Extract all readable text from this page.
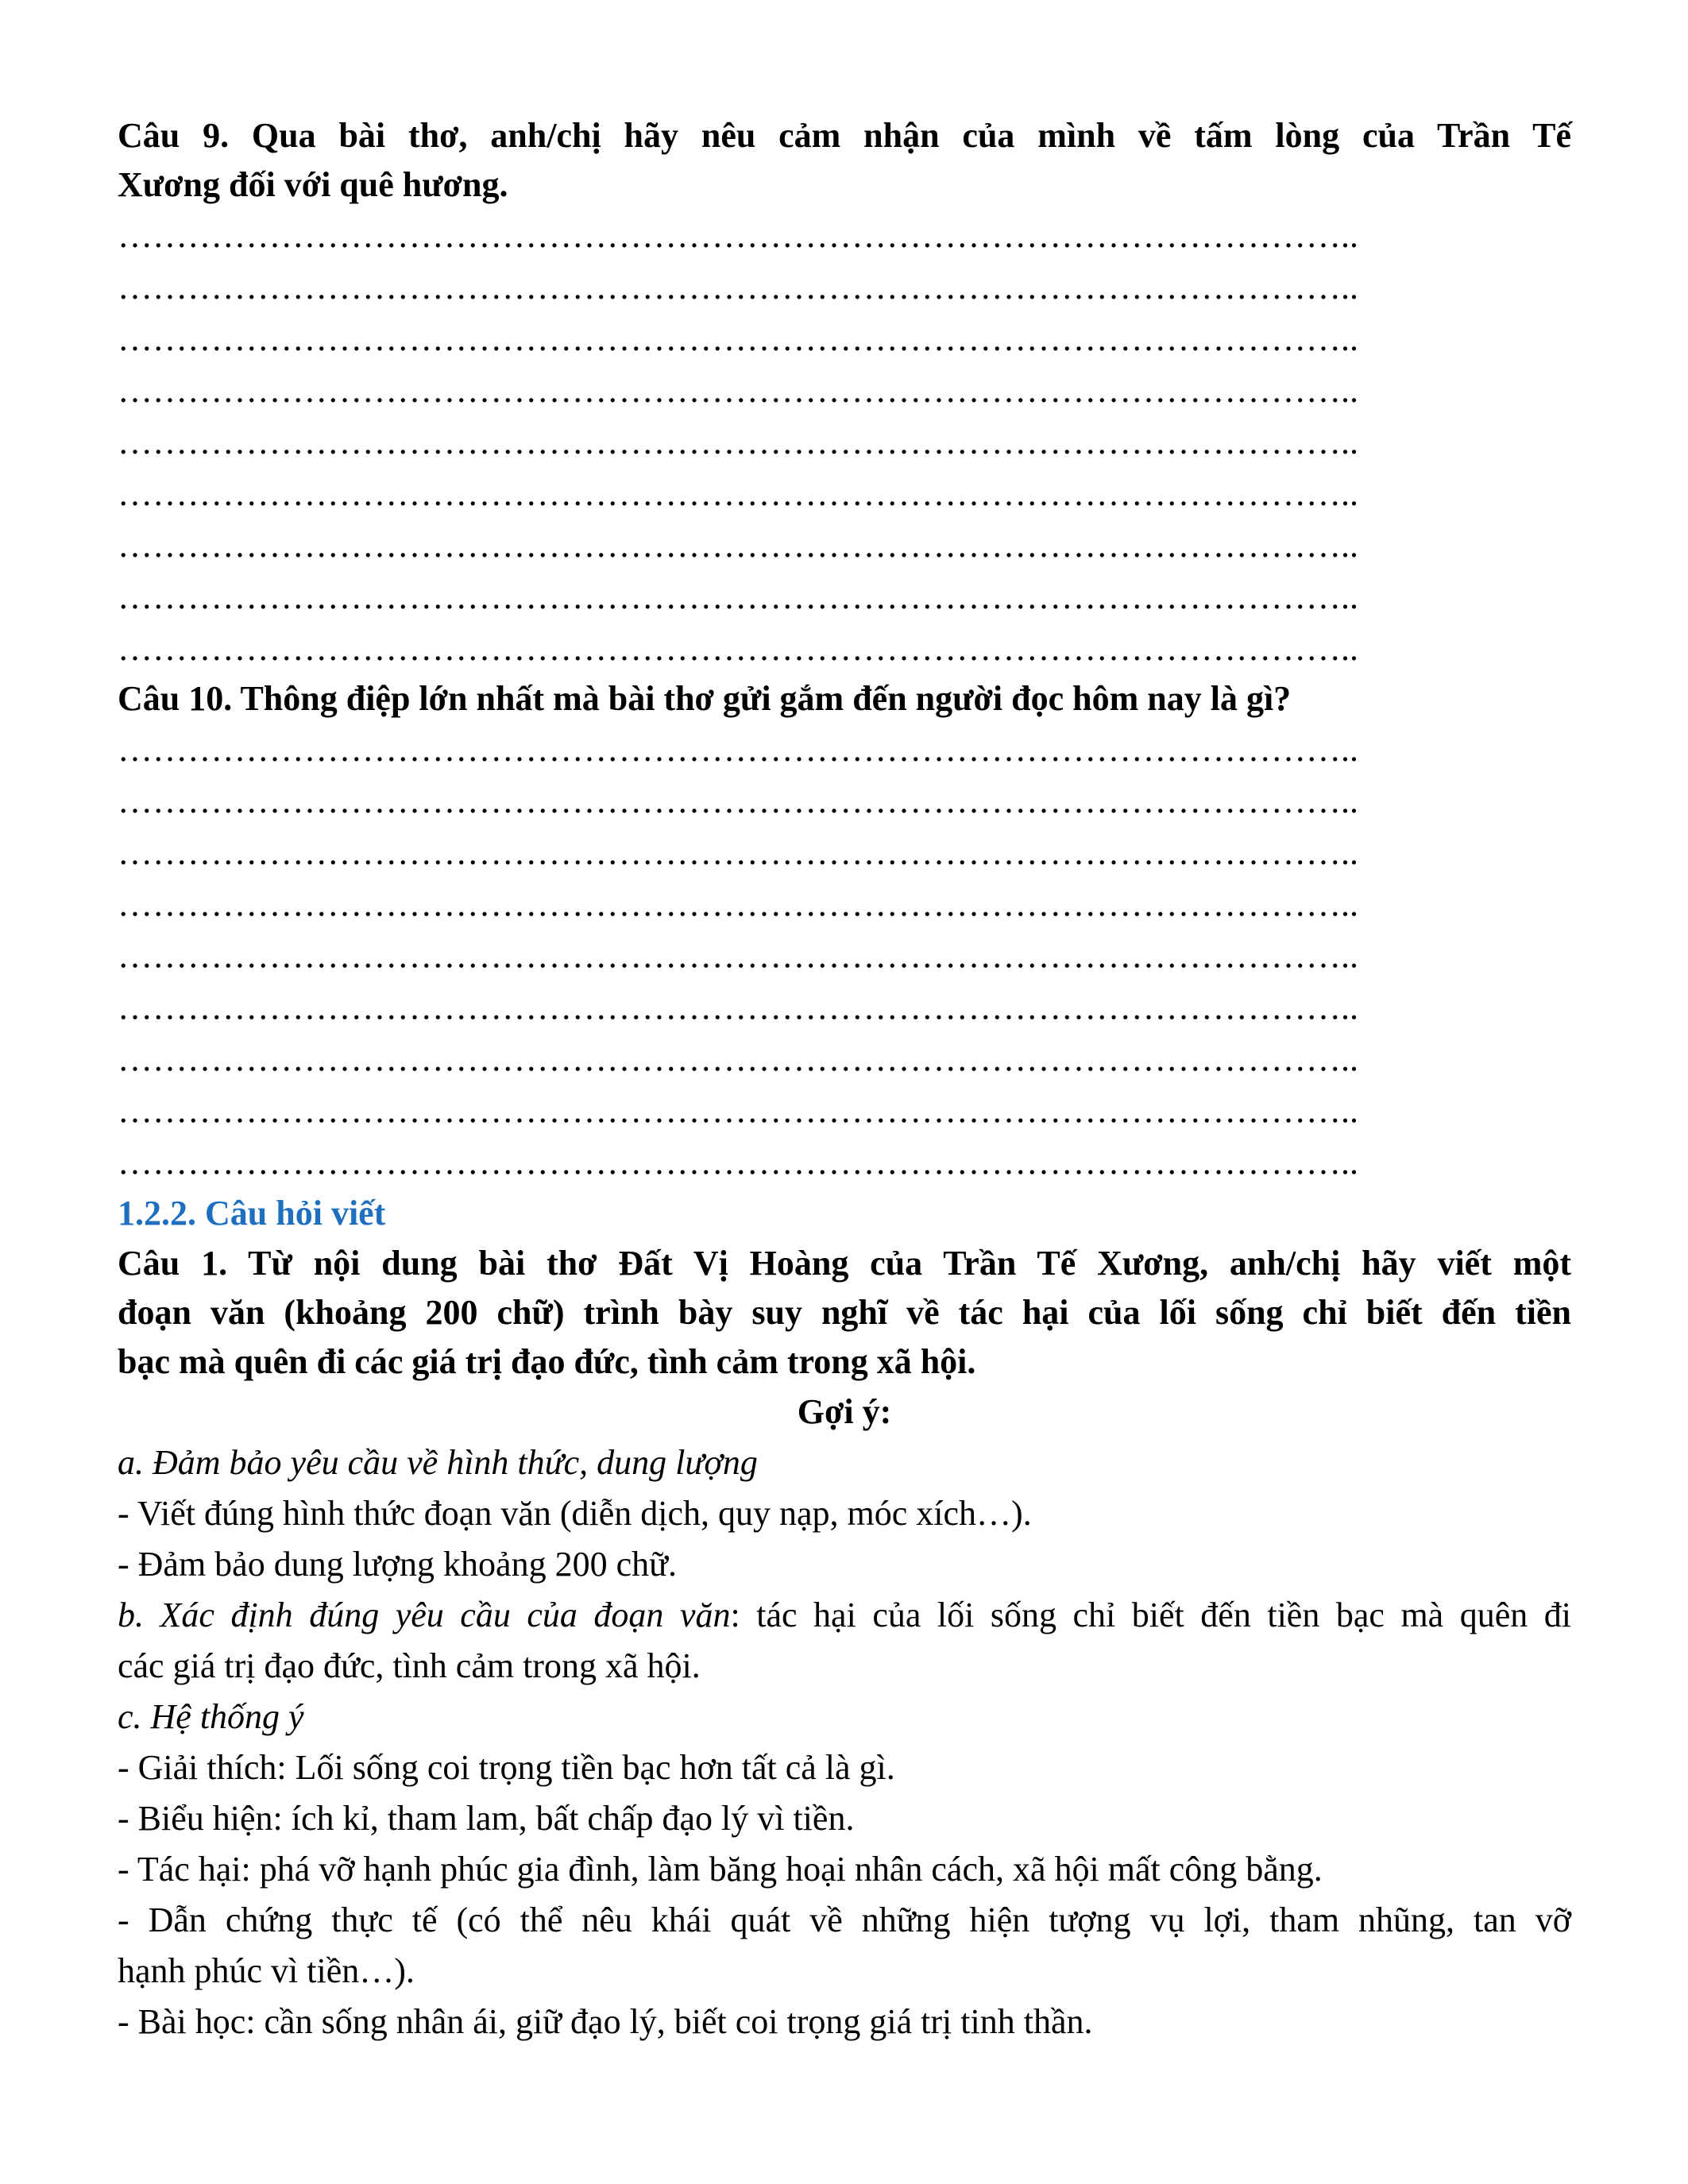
Câu 9. Qua bài thơ, anh/chị hãy nêu cảm nhận của mình về tấm lòng của Trần Tế
Xương đối với quê hương.

……………………………………………………………………………………………..
……………………………………………………………………………………………..
……………………………………………………………………………………………..
……………………………………………………………………………………………..
……………………………………………………………………………………………..
……………………………………………………………………………………………..
……………………………………………………………………………………………..
……………………………………………………………………………………………..
……………………………………………………………………………………………..

Câu 10. Thông điệp lớn nhất mà bài thơ gửi gắm đến người đọc hôm nay là gì?

……………………………………………………………………………………………..
……………………………………………………………………………………………..
……………………………………………………………………………………………..
……………………………………………………………………………………………..
……………………………………………………………………………………………..
……………………………………………………………………………………………..
……………………………………………………………………………………………..
……………………………………………………………………………………………..
……………………………………………………………………………………………..

1.2.2. Câu hỏi viết

Câu 1. Từ nội dung bài thơ Đất Vị Hoàng của Trần Tế Xương, anh/chị hãy viết một
đoạn văn (khoảng 200 chữ) trình bày suy nghĩ về tác hại của lối sống chỉ biết đến tiền
bạc mà quên đi các giá trị đạo đức, tình cảm trong xã hội.

Gợi ý:

a. Đảm bảo yêu cầu về hình thức, dung lượng

- Viết đúng hình thức đoạn văn (diễn dịch, quy nạp, móc xích…).

- Đảm bảo dung lượng khoảng 200 chữ.

b. Xác định đúng yêu cầu của đoạn văn: tác hại của lối sống chỉ biết đến tiền bạc mà quên đi

các giá trị đạo đức, tình cảm trong xã hội.

c. Hệ thống ý

- Giải thích: Lối sống coi trọng tiền bạc hơn tất cả là gì.

- Biểu hiện: ích kỉ, tham lam, bất chấp đạo lý vì tiền.

- Tác hại: phá vỡ hạnh phúc gia đình, làm băng hoại nhân cách, xã hội mất công bằng.

- Dẫn chứng thực tế (có thể nêu khái quát về những hiện tượng vụ lợi, tham nhũng, tan vỡ

hạnh phúc vì tiền…).

- Bài học: cần sống nhân ái, giữ đạo lý, biết coi trọng giá trị tinh thần.
